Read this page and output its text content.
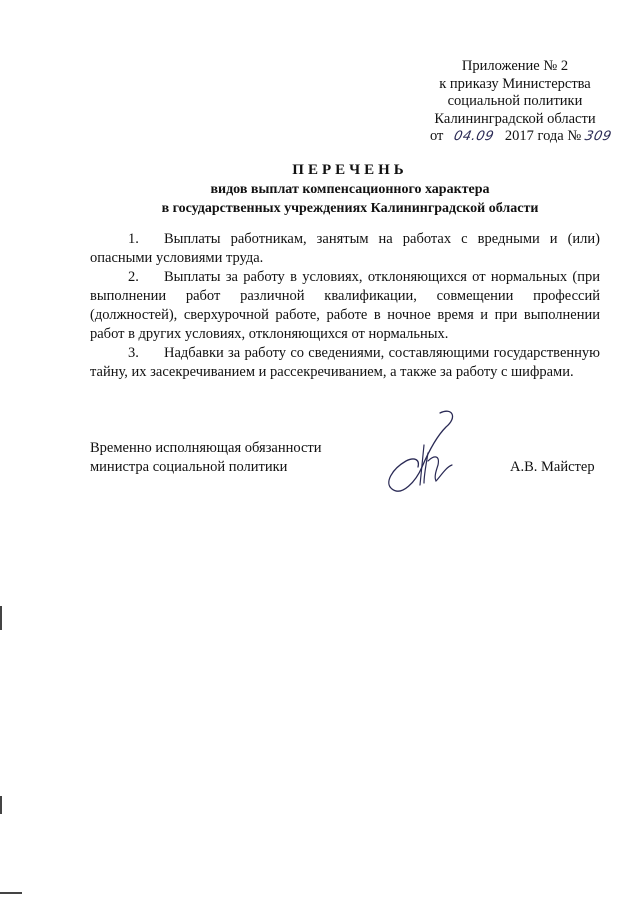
Приложение № 2
к приказу Министерства
социальной политики
Калининградской области
от 04.09 2017 года № 309
ПЕРЕЧЕНЬ
видов выплат компенсационного характера
в государственных учреждениях Калининградской области

1. Выплаты работникам, занятым на работах с вредными и (или) опасными условиями труда.

2. Выплаты за работу в условиях, отклоняющихся от нормальных (при выполнении работ различной квалификации, совмещении профессий (должностей), сверхурочной работе, работе в ночное время и при выполнении работ в других условиях, отклоняющихся от нормальных.

3. Надбавки за работу со сведениями, составляющими государственную тайну, их засекречиванием и рассекречиванием, а также за работу с шифрами.

Временно исполняющая обязанности
министра социальной политики	А.В. Майстер
